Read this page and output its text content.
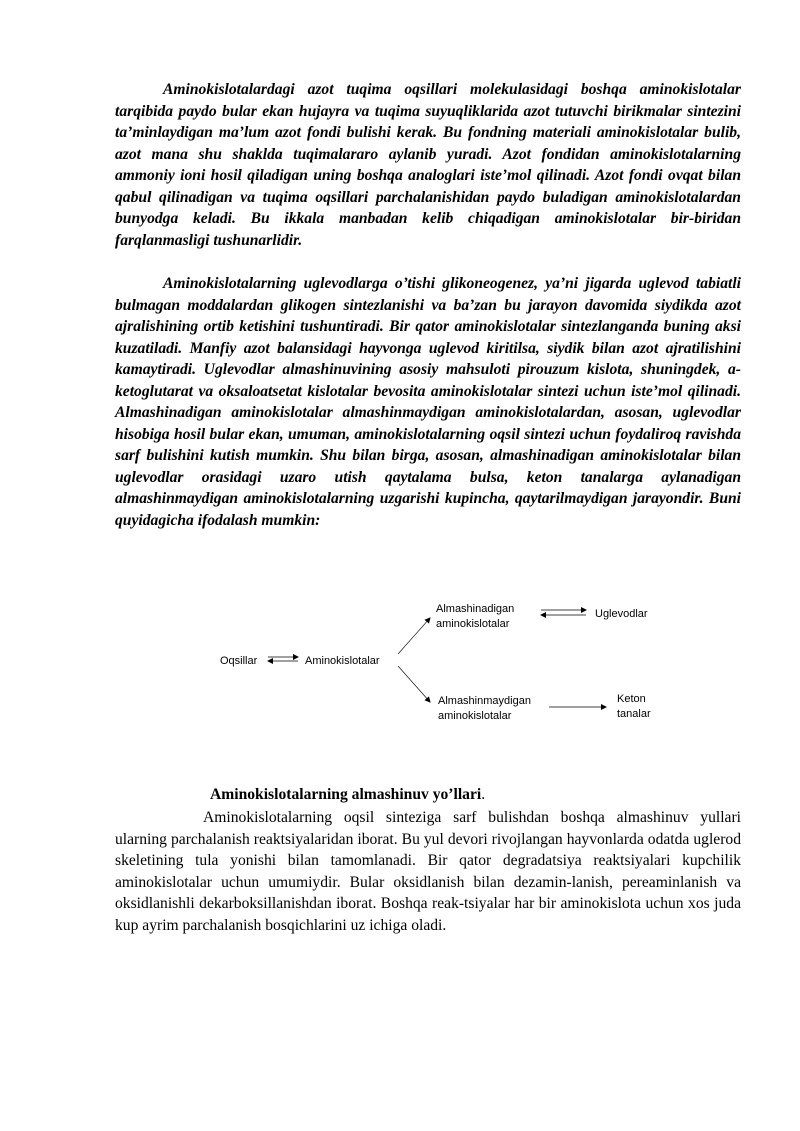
Aminokislotalardagi azot tuqima oqsillari molekulasidagi boshqa aminokislotalar tarqibida paydo bular ekan hujayra va tuqima suyuqliklarida azot tutuvchi birikmalar sintezini ta’minlaydigan ma’lum azot fondi bulishi kerak. Bu fondning materiali aminokislotalar bulib, azot mana shu shaklda tuqimalararo aylanib yuradi. Azot fondidan aminokislotalarning ammoniy ioni hosil qiladigan uning boshqa analoglari iste’mol qilinadi. Azot fondi ovqat bilan qabul qilinadigan va tuqima oqsillari parchalanishidan paydo buladigan aminokislotalardan bunyodga keladi. Bu ikkala manbadan kelib chiqadigan aminokislotalar bir-biridan farqlanmasligi tushunarlidir.

Aminokislotalarning uglevodlarga o’tishi glikoneogenez, ya’ni jigarda uglevod tabiatli bulmagan moddalardan glikogen sintezlanishi va ba’zan bu jarayon davomida siydikda azot ajralishining ortib ketishini tushuntiradi. Bir qator aminokislotalar sintezlanganda buning aksi kuzatiladi. Manfiy azot balansidagi hayvonga uglevod kiritilsa, siydik bilan azot ajratilishini kamaytiradi. Uglevodlar almashinuvining asosiy mahsuloti pirouzum kislota, shuningdek, a-ketoglutarat va oksaloatsetat kislotalar bevosita aminokislotalar sintezi uchun iste’mol qilinadi. Almashinadigan aminokislotalar almashinmaydigan aminokislotalardan, asosan, uglevodlar hisobiga hosil bular ekan, umuman, aminokislotalarning oqsil sintezi uchun foydaliroq ravishda sarf bulishini kutish mumkin. Shu bilan birga, asosan, almashinadigan aminokislotalar bilan uglevodlar orasidagi uzaro utish qaytalama bulsa, keton tanalarga aylanadigan almashinmaydigan aminokislotalarning uzgarishi kupincha, qaytarilmaydigan jarayondir. Buni quyidagicha ifodalash mumkin:

Oqsillar	Aminokislotalar
Almashinadigan
aminokislotalar
Uglevodlar
Almashinmaydigan
aminokislotalar
Keton
tanalar

Aminokislotalarning almashinuv yo’llari.

Aminokislotalarning oqsil sinteziga sarf bulishdan boshqa almashinuv yullari ularning parchalanish reaktsiyalaridan iborat. Bu yul devori rivojlangan hayvonlarda odatda uglerod skeletining tula yonishi bilan tamomlanadi. Bir qator degradatsiya reaktsiyalari kupchilik aminokislotalar uchun umumiydir. Bular oksidlanish bilan dezamin-lanish, pereaminlanish va oksidlanishli dekarboksillanishdan iborat. Boshqa reak-tsiyalar har bir aminokislota uchun xos juda kup ayrim parchalanish bosqichlarini uz ichiga oladi.
